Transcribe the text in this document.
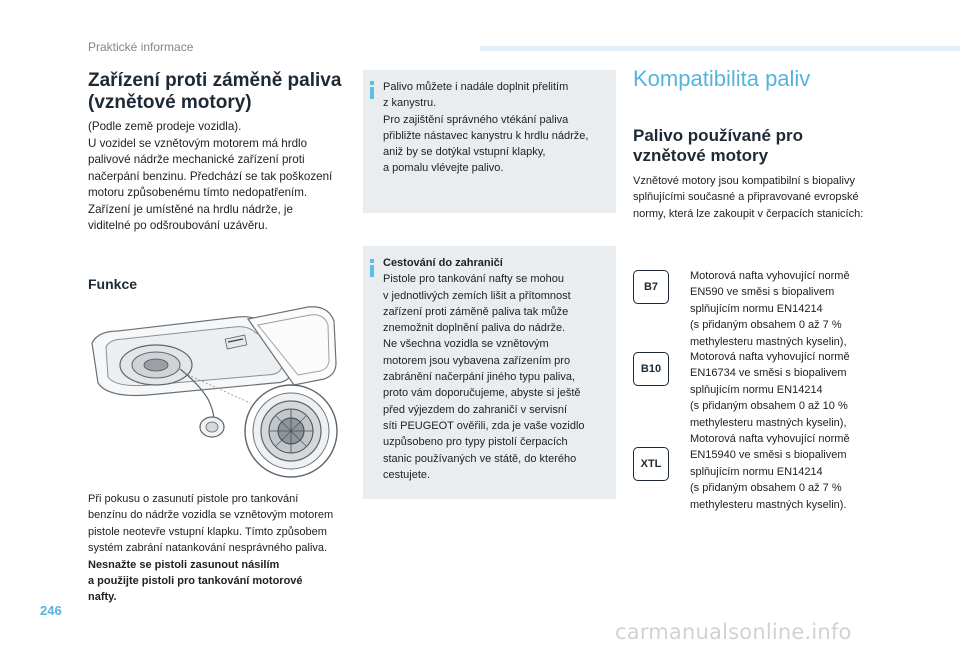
Praktické informace
Zařízení proti záměně paliva (vznětové motory)
(Podle země prodeje vozidla).
U vozidel se vznětovým motorem má hrdlo
palivové nádrže mechanické zařízení proti
načerpání benzinu. Předchází se tak poškození
motoru způsobenému tímto nedopatřením.
Zařízení je umístěné na hrdlu nádrže, je
viditelné po odšroubování uzávěru.
Funkce
Při pokusu o zasunutí pistole pro tankování
benzínu do nádrže vozidla se vznětovým motorem
pistole neotevře vstupní klapku. Tímto způsobem
systém zabrání natankování nesprávného paliva.
Nesnažte se pistoli zasunout násilím
a použijte pistoli pro tankování motorové
nafty.
Palivo můžete i nadále doplnit přelitím
z kanystru.
Pro zajištění správného vtékání paliva
přibližte nástavec kanystru k hrdlu nádrže,
aniž by se dotýkal vstupní klapky,
a pomalu vlévejte palivo.
Cestování do zahraničí
Pistole pro tankování nafty se mohou
v jednotlivých zemích lišit a přítomnost
zařízení proti záměně paliva tak může
znemožnit doplnění paliva do nádrže.
Ne všechna vozidla se vznětovým
motorem jsou vybavena zařízením pro
zabránění načerpání jiného typu paliva,
proto vám doporučujeme, abyste si ještě
před výjezdem do zahraničí v servisní
síti PEUGEOT ověřili, zda je vaše vozidlo
uzpůsobeno pro typy pistolí čerpacích
stanic používaných ve státě, do kterého
cestujete.
Kompatibilita paliv
Palivo používané pro vznětové motory
Vznětové motory jsou kompatibilní s biopalivy
splňujícími současné a připravované evropské
normy, která lze zakoupit v čerpacích stanicích:
B7
Motorová nafta vyhovující normě
EN590 ve směsi s biopalivem
splňujícím normu EN14214
(s přidaným obsahem 0 až 7 %
methylesteru mastných kyselin),
B10
Motorová nafta vyhovující normě
EN16734 ve směsi s biopalivem
splňujícím normu EN14214
(s přidaným obsahem 0 až 10 %
methylesteru mastných kyselin),
XTL
Motorová nafta vyhovující normě
EN15940 ve směsi s biopalivem
splňujícím normu EN14214
(s přidaným obsahem 0 až 7 %
methylesteru mastných kyselin).
246
carmanualsonline.info
